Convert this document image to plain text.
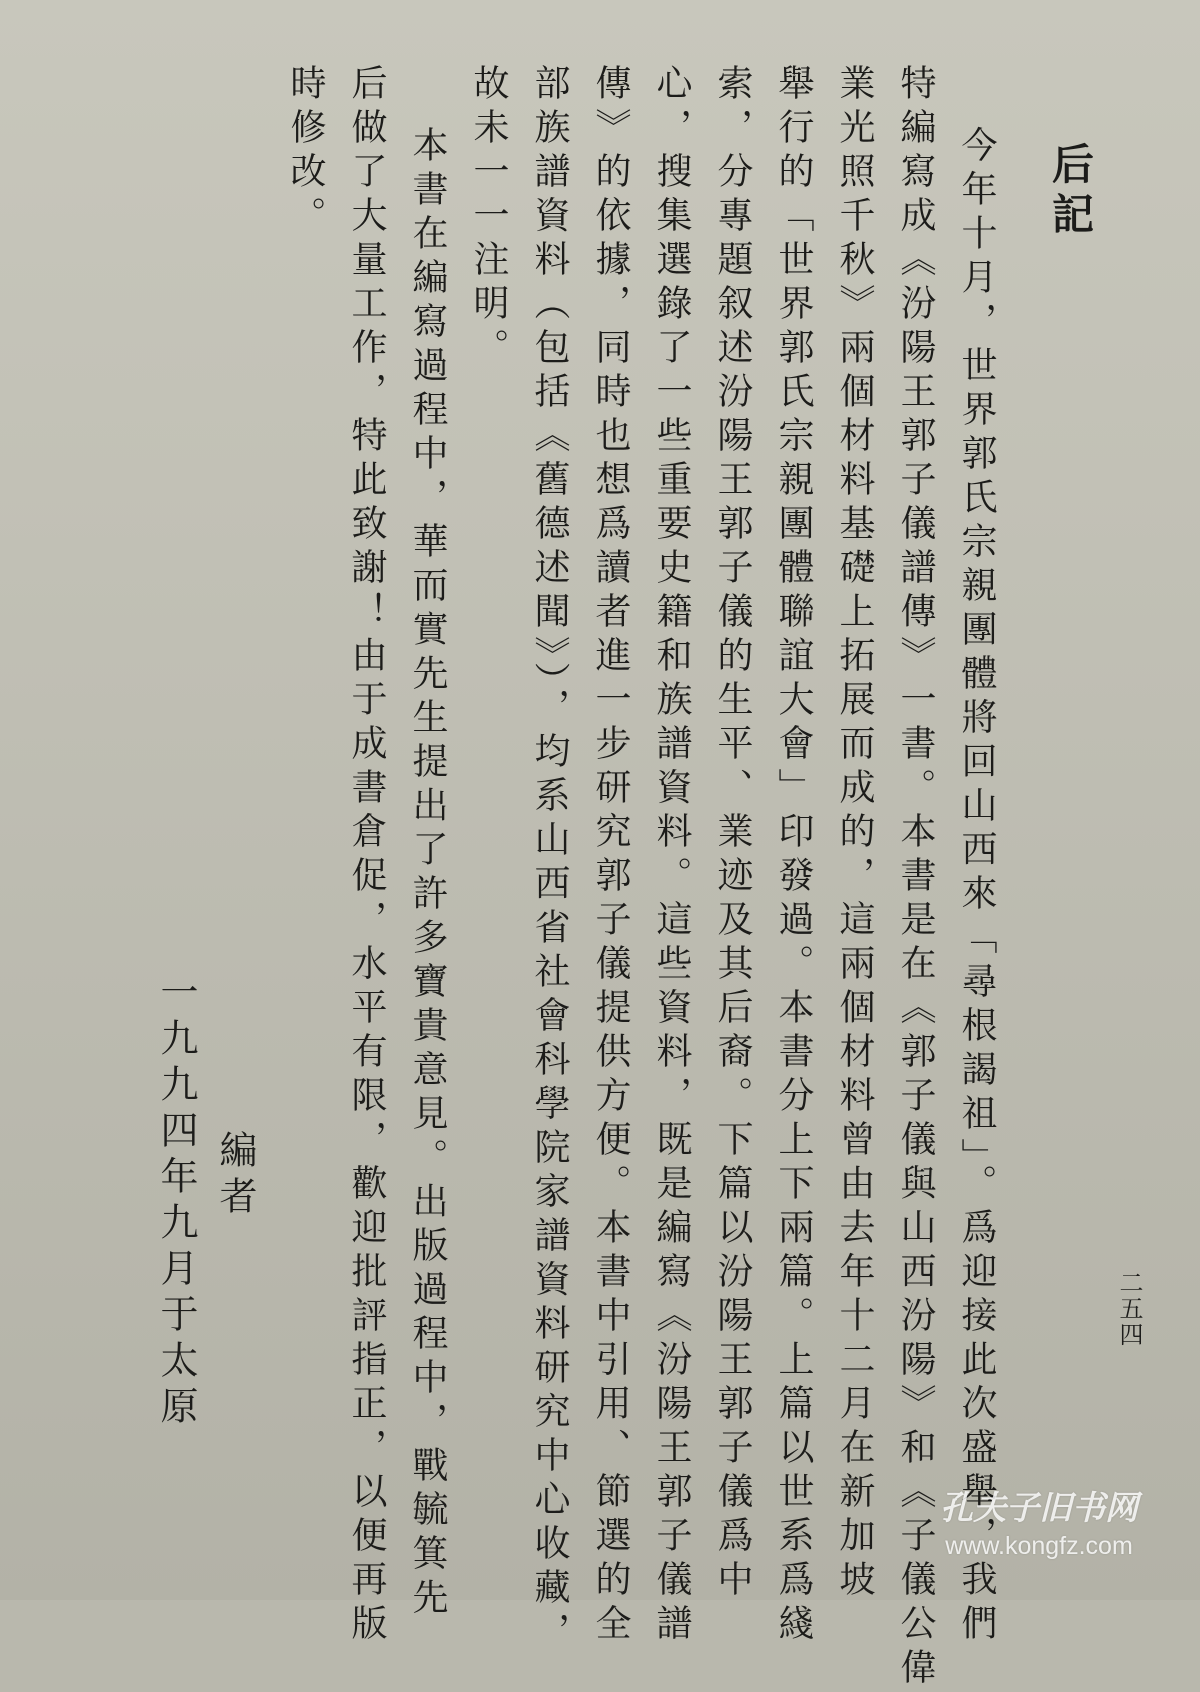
后記

今年十月，世界郭氏宗親團體將回山西來「尋根謁祖」。爲迎接此次盛舉，我們

特編寫成《汾陽王郭子儀譜傳》一書。本書是在《郭子儀與山西汾陽》和《子儀公偉

業光照千秋》兩個材料基礎上拓展而成的，這兩個材料曾由去年十二月在新加坡

舉行的「世界郭氏宗親團體聯誼大會」印發過。本書分上下兩篇。上篇以世系爲綫

索，分專題叙述汾陽王郭子儀的生平、業迹及其后裔。下篇以汾陽王郭子儀爲中

心，搜集選錄了一些重要史籍和族譜資料。這些資料，既是編寫《汾陽王郭子儀譜

傳》的依據，同時也想爲讀者進一步研究郭子儀提供方便。本書中引用、節選的全

部族譜資料（包括《舊德述聞》），均系山西省社會科學院家譜資料研究中心收藏，

故未一一注明。

本書在編寫過程中，華而實先生提出了許多寶貴意見。出版過程中，戰毓箕先

后做了大量工作，特此致謝！由于成書倉促，水平有限，歡迎批評指正，以便再版

時修改。

編者

一九九四年九月于太原	二五四

孔夫子旧书网
www.kongfz.com
